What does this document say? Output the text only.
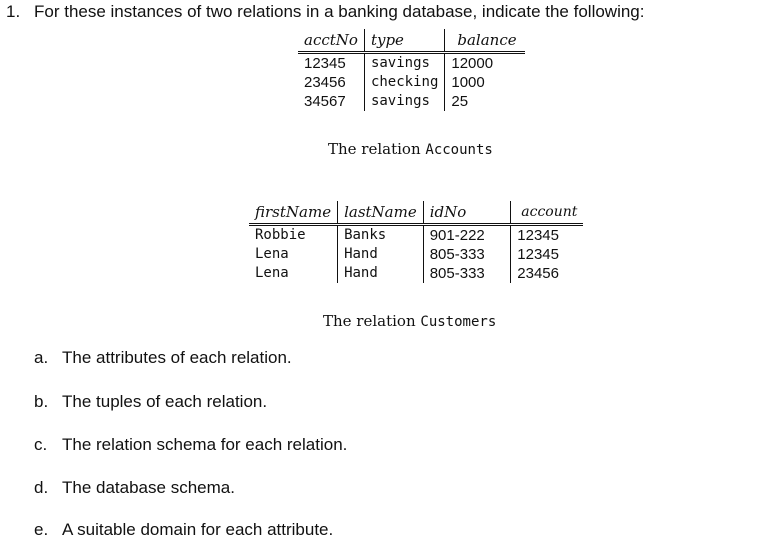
1. For these instances of two relations in a banking database, indicate the following:
acctNo	type	balance
12345	savings	12000
23456	checking	1000
34567	savings	25
The relation Accounts
firstName	lastName	idNo	account
Robbie	Banks	901-222	12345
Lena	Hand	805-333	12345
Lena	Hand	805-333	23456
The relation Customers
a. The attributes of each relation.
b. The tuples of each relation.
c. The relation schema for each relation.
d. The database schema.
e. A suitable domain for each attribute.
